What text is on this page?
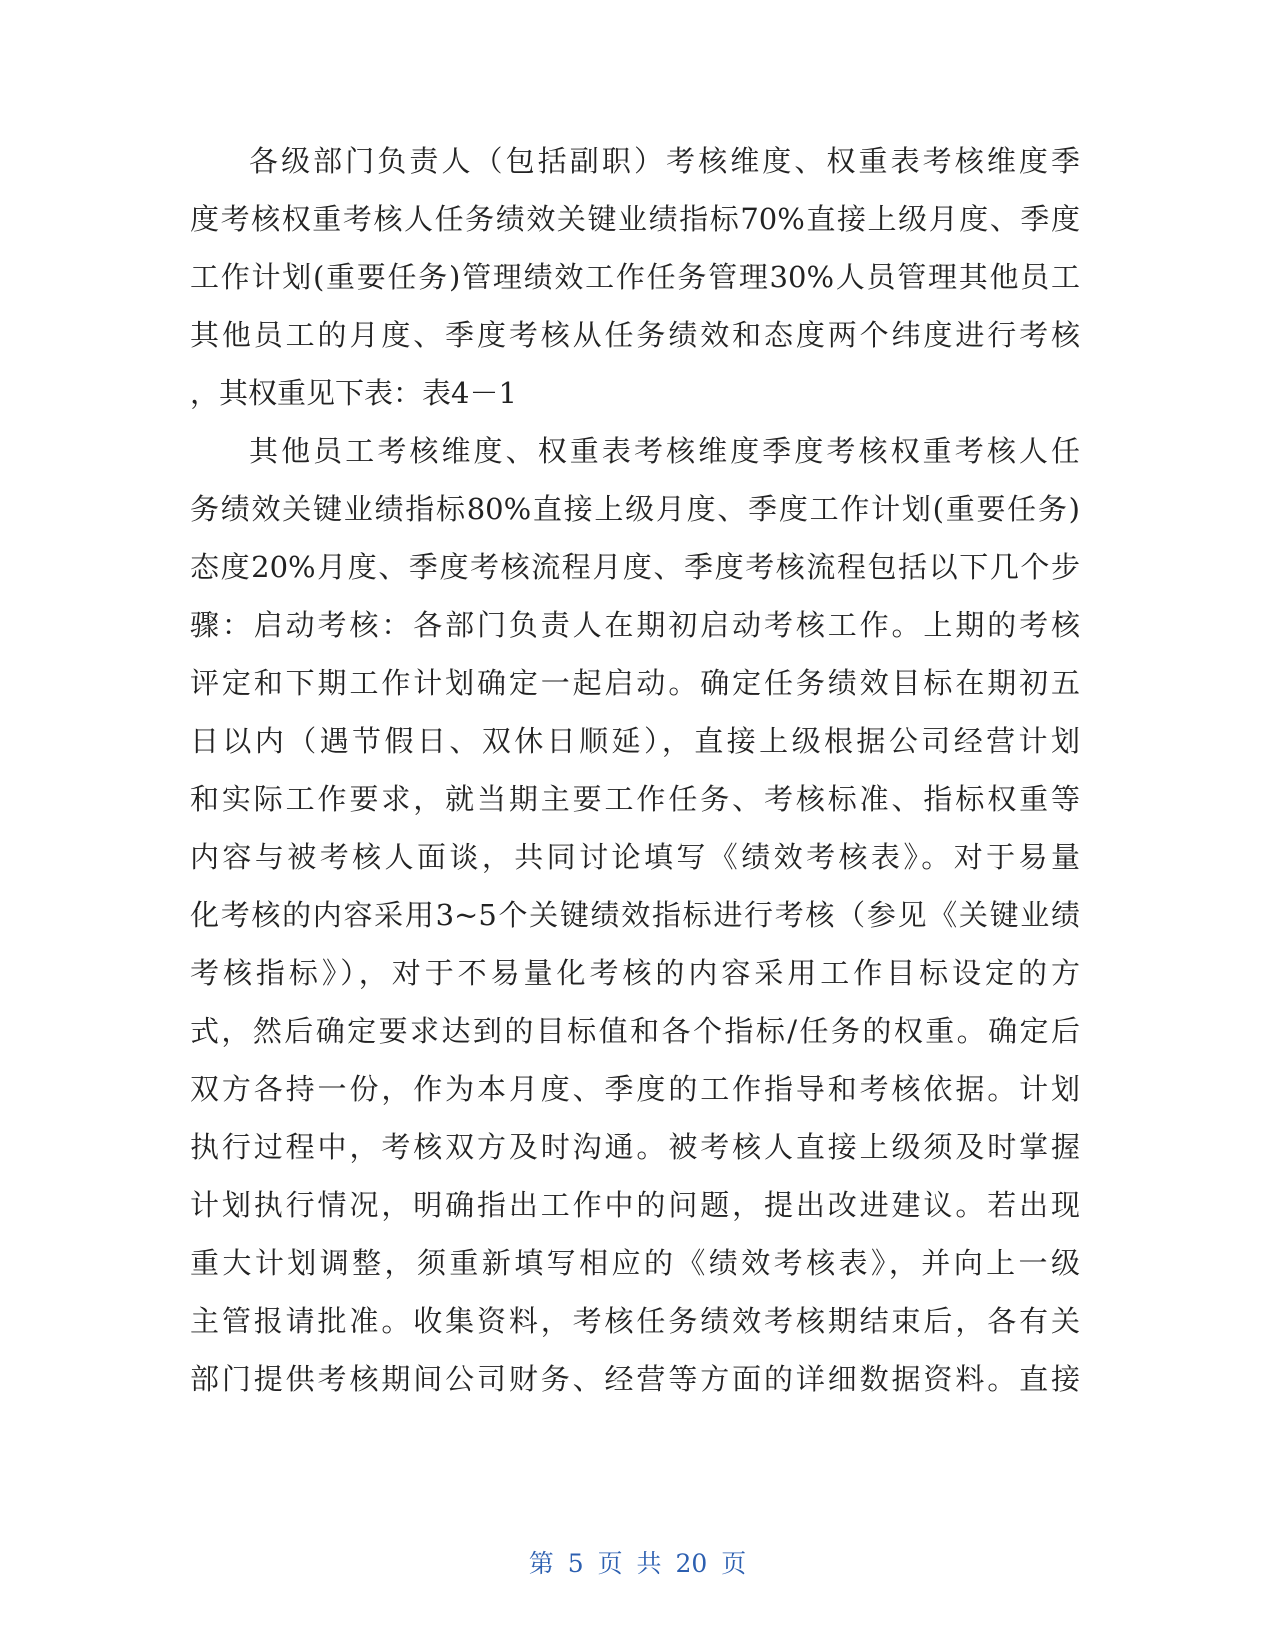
各级部门负责人（包括副职）考核维度、权重表考核维度季
度考核权重考核人任务绩效关键业绩指标70%直接上级月度、季度
工作计划(重要任务)管理绩效工作任务管理30%人员管理其他员工
其他员工的月度、季度考核从任务绩效和态度两个纬度进行考核
，其权重见下表：表4－1
其他员工考核维度、权重表考核维度季度考核权重考核人任
务绩效关键业绩指标80%直接上级月度、季度工作计划(重要任务)
态度20%月度、季度考核流程月度、季度考核流程包括以下几个步
骤：启动考核：各部门负责人在期初启动考核工作。上期的考核
评定和下期工作计划确定一起启动。确定任务绩效目标在期初五
日以内（遇节假日、双休日顺延），直接上级根据公司经营计划
和实际工作要求，就当期主要工作任务、考核标准、指标权重等
内容与被考核人面谈，共同讨论填写《绩效考核表》。对于易量
化考核的内容采用3~5个关键绩效指标进行考核（参见《关键业绩
考核指标》），对于不易量化考核的内容采用工作目标设定的方
式，然后确定要求达到的目标值和各个指标/任务的权重。确定后
双方各持一份，作为本月度、季度的工作指导和考核依据。计划
执行过程中，考核双方及时沟通。被考核人直接上级须及时掌握
计划执行情况，明确指出工作中的问题，提出改进建议。若出现
重大计划调整，须重新填写相应的《绩效考核表》，并向上一级
主管报请批准。收集资料，考核任务绩效考核期结束后，各有关
部门提供考核期间公司财务、经营等方面的详细数据资料。直接
第 5 页 共 20 页
